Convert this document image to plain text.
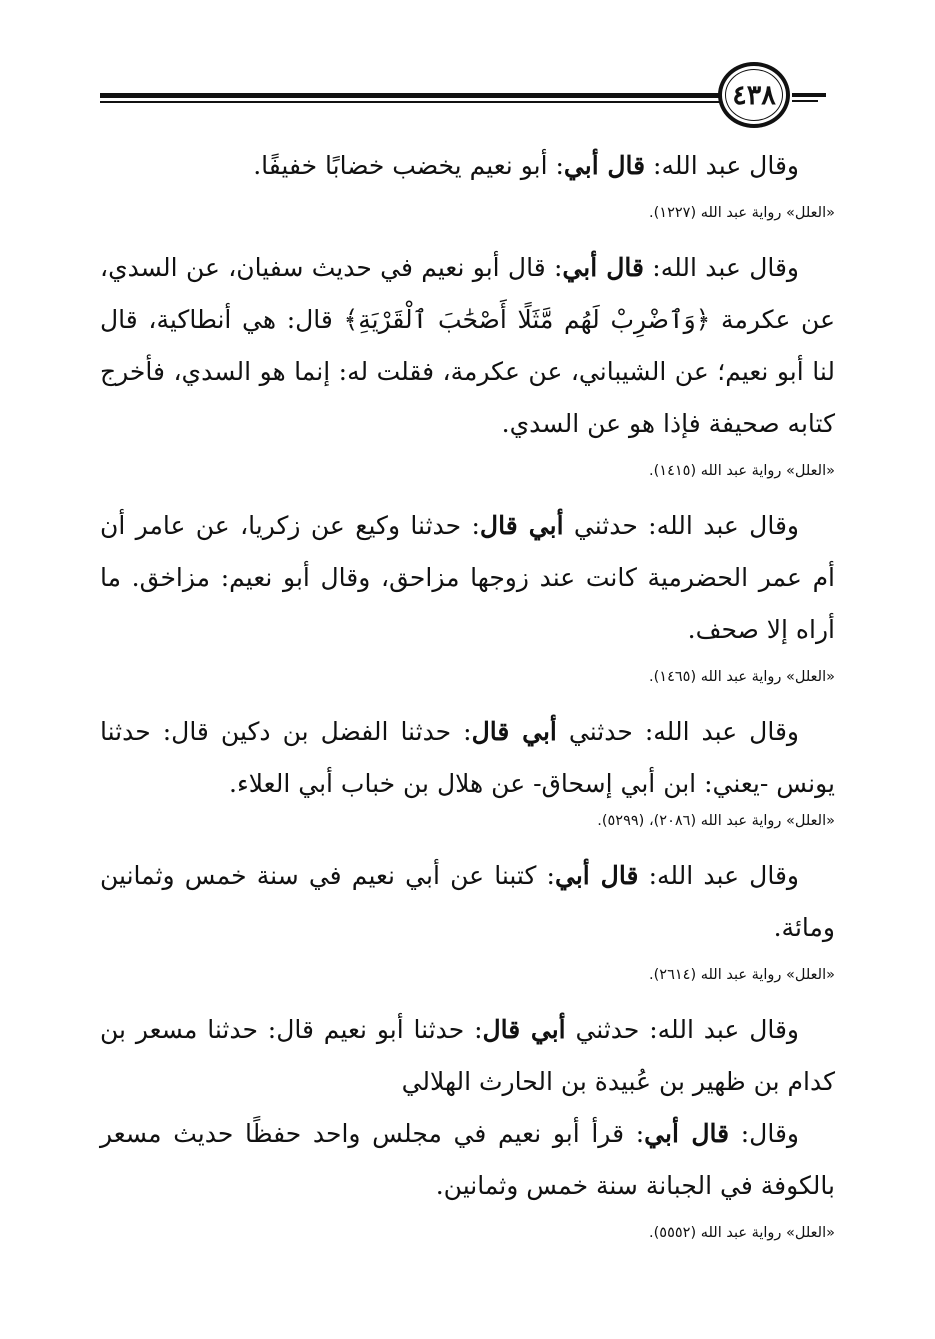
٤٣٨

وقال عبد الله: قال أبي: أبو نعيم يخضب خضابًا خفيفًا.

«العلل» رواية عبد الله (١٢٢٧).

وقال عبد الله: قال أبي: قال أبو نعيم في حديث سفيان، عن السدي، عن عكرمة ﴿وَٱضْرِبْ لَهُم مَّثَلًا أَصْحَٰبَ ٱلْقَرْيَةِ﴾ قال: هي أنطاكية، قال لنا أبو نعيم؛ عن الشيباني، عن عكرمة، فقلت له: إنما هو السدي، فأخرج كتابه صحيفة فإذا هو عن السدي.

«العلل» رواية عبد الله (١٤١٥).

وقال عبد الله: حدثني أبي قال: حدثنا وكيع عن زكريا، عن عامر أن أم عمر الحضرمية كانت عند زوجها مزاحق، وقال أبو نعيم: مزاخق. ما أراه إلا صحف.

«العلل» رواية عبد الله (١٤٦٥).

وقال عبد الله: حدثني أبي قال: حدثنا الفضل بن دكين قال: حدثنا يونس -يعني: ابن أبي إسحاق- عن هلال بن خباب أبي العلاء.

«العلل» رواية عبد الله (٢٠٨٦)، (٥٢٩٩).

وقال عبد الله: قال أبي: كتبنا عن أبي نعيم في سنة خمس وثمانين ومائة.

«العلل» رواية عبد الله (٢٦١٤).

وقال عبد الله: حدثني أبي قال: حدثنا أبو نعيم قال: حدثنا مسعر بن كدام بن ظهير بن عُبيدة بن الحارث الهلالي

وقال: قال أبي: قرأ أبو نعيم في مجلس واحد حفظًا حديث مسعر بالكوفة في الجبانة سنة خمس وثمانين.

«العلل» رواية عبد الله (٥٥٥٢).
